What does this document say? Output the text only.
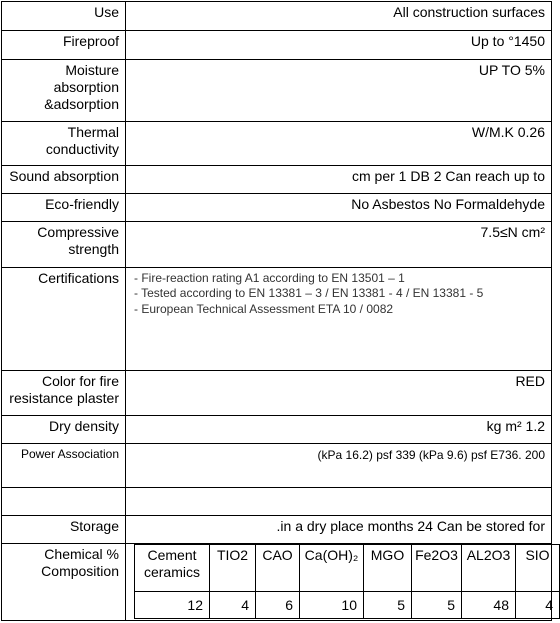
Use	All construction surfaces
Fireproof	Up to °1450
Moisture absorption &adsorption	UP TO 5%
Thermal conductivity	W/M.K 0.26
Sound absorption	cm per 1 DB 2 Can reach up to
Eco-friendly	No Asbestos No Formaldehyde
Compressive strength	7.5≤N cm²
Certifications	- Fire-reaction rating A1 according to EN 13501 – 1
- Tested according to EN 13381 – 3 / EN 13381 - 4 / EN 13381 - 5
- European Technical Assessment ETA 10 / 0082

Color for fire resistance plaster	RED
Dry density	kg m² 1.2
Power Association	(kPa 16.2) psf 339 (kPa 9.6) psf E736. 200

Storage	.in a dry place months 24 Can be stored for
Chemical % Composition	
Cement ceramics	TIO2	CAO	Ca(OH)₂	MGO	Fe2O3	AL2O3	SIO
12	4	6	10	5	5	48	4
